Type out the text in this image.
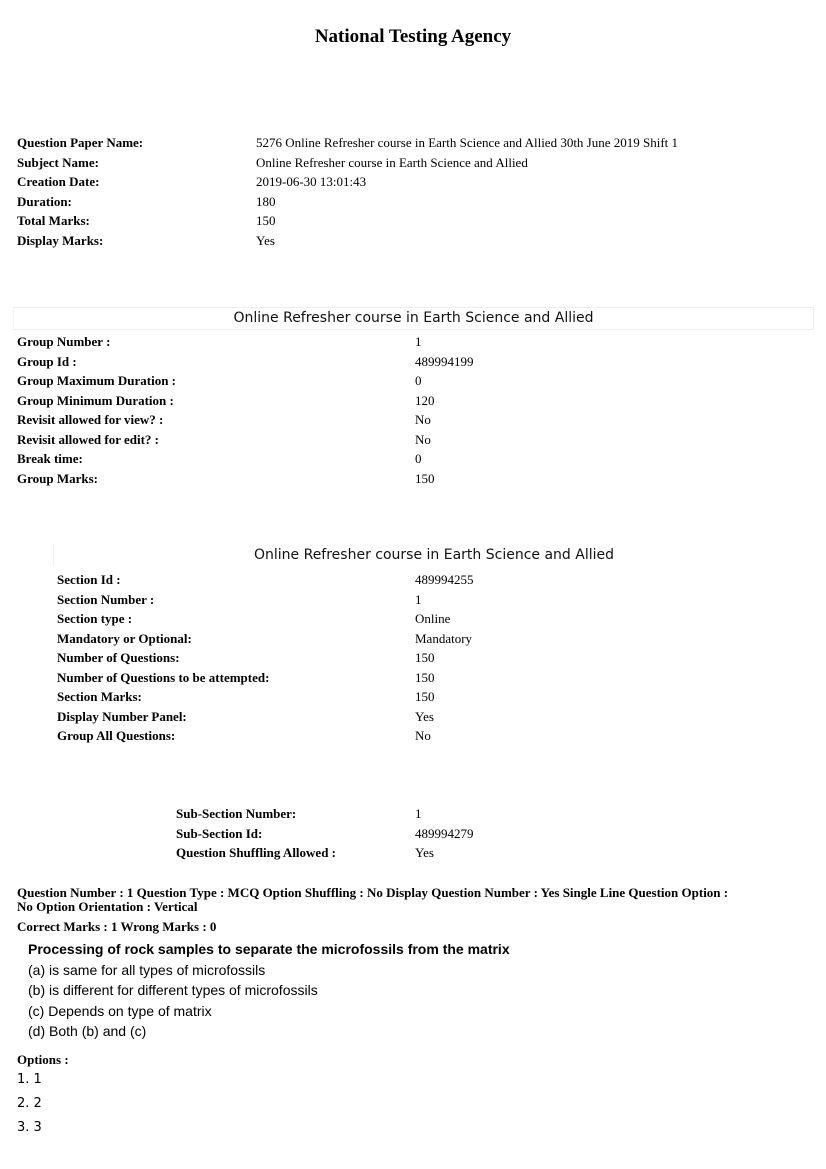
National Testing Agency
Question Paper Name:	5276 Online Refresher course in Earth Science and Allied 30th June 2019 Shift 1
Subject Name:	Online Refresher course in Earth Science and Allied
Creation Date:	2019-06-30 13:01:43
Duration:	180
Total Marks:	150
Display Marks:	Yes
Online Refresher course in Earth Science and Allied
Group Number :	1
Group Id :	489994199
Group Maximum Duration :	0
Group Minimum Duration :	120
Revisit allowed for view? :	No
Revisit allowed for edit? :	No
Break time:	0
Group Marks:	150
Online Refresher course in Earth Science and Allied
Section Id :	489994255
Section Number :	1
Section type :	Online
Mandatory or Optional:	Mandatory
Number of Questions:	150
Number of Questions to be attempted:	150
Section Marks:	150
Display Number Panel:	Yes
Group All Questions:	No
Sub-Section Number:	1
Sub-Section Id:	489994279
Question Shuffling Allowed :	Yes
Question Number : 1 Question Type : MCQ Option Shuffling : No Display Question Number : Yes Single Line Question Option :
No Option Orientation : Vertical
Correct Marks : 1 Wrong Marks : 0
Processing of rock samples to separate the microfossils from the matrix
(a) is same for all types of microfossils
(b) is different for different types of microfossils
(c) Depends on type of matrix
(d) Both (b) and (c)
Options :
1. 1
2. 2
3. 3
